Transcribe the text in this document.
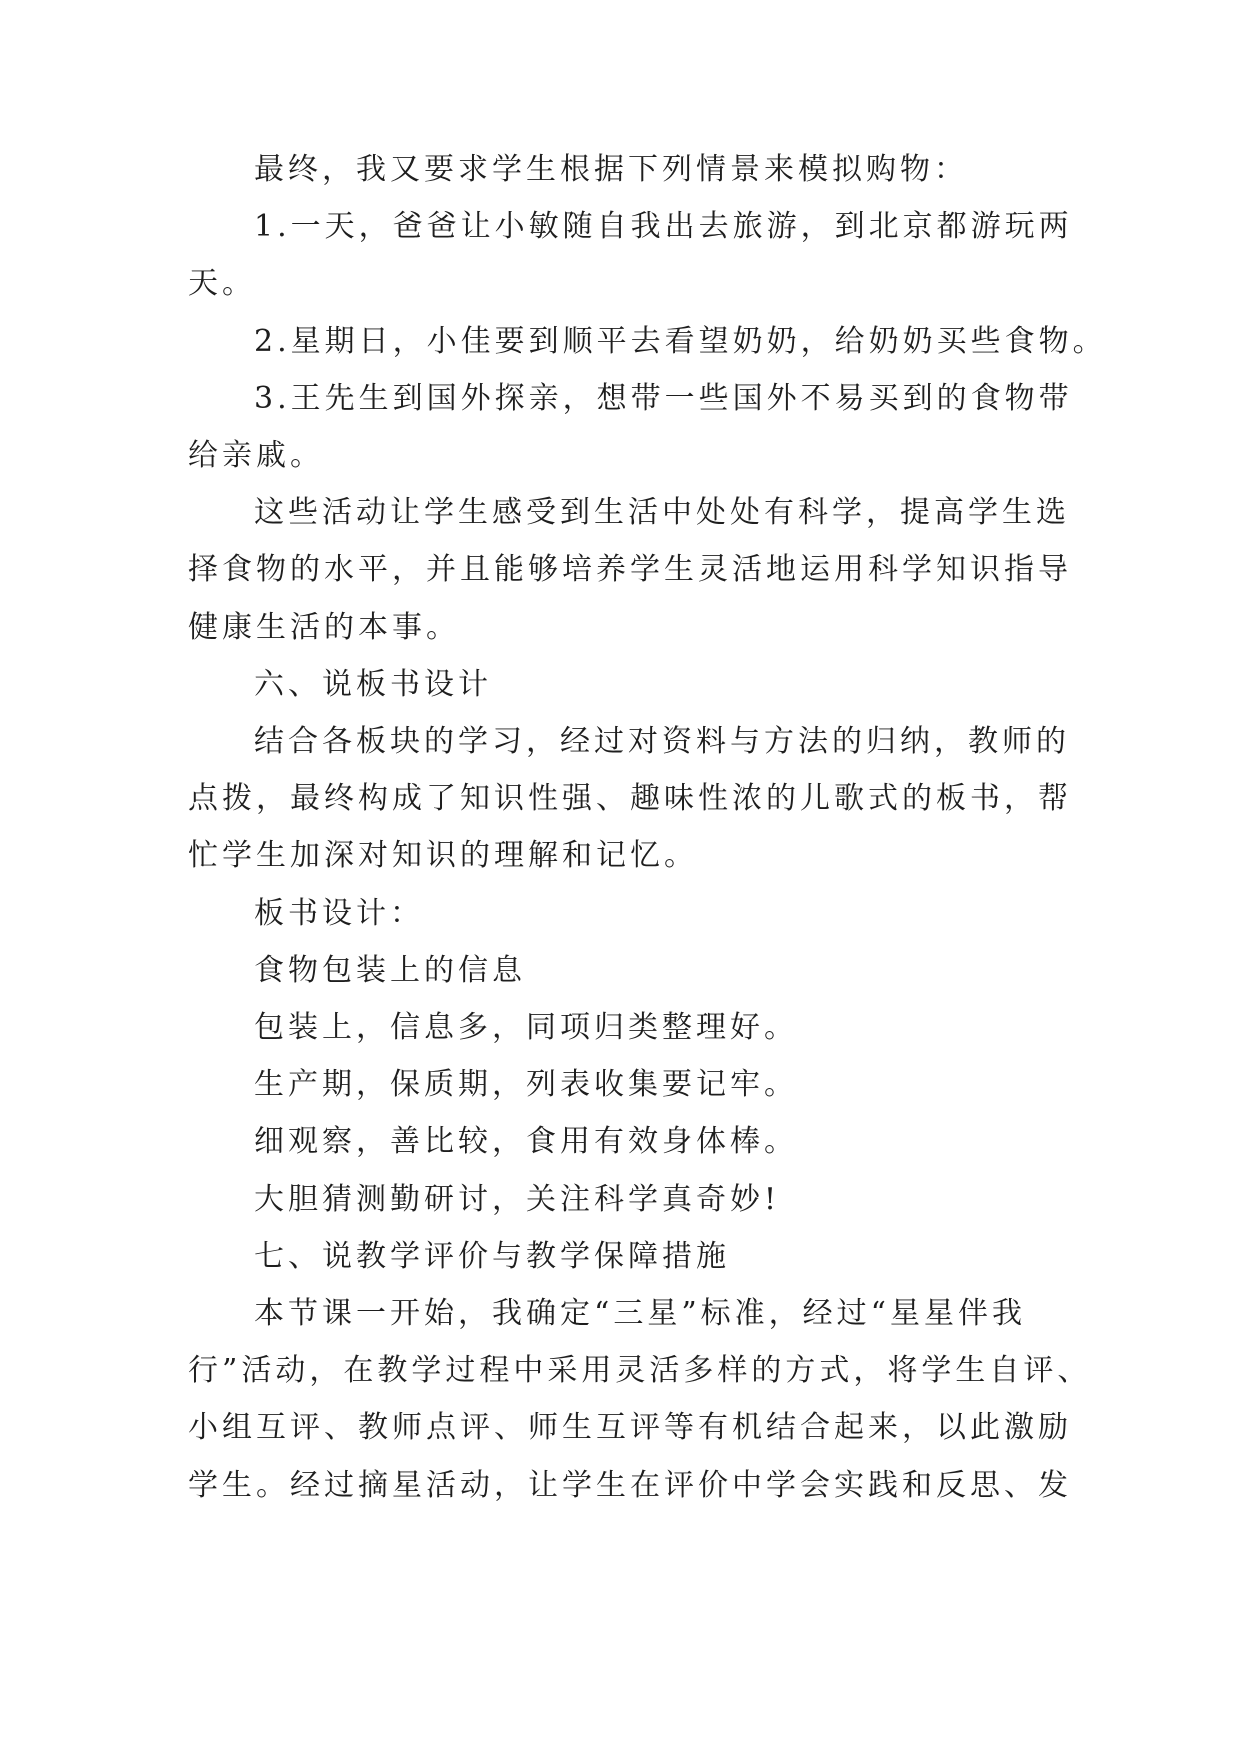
最终，我又要求学生根据下列情景来模拟购物：

1.一天，爸爸让小敏随自我出去旅游，到北京都游玩两

天。

2.星期日，小佳要到顺平去看望奶奶，给奶奶买些食物。

3.王先生到国外探亲，想带一些国外不易买到的食物带

给亲戚。

这些活动让学生感受到生活中处处有科学，提高学生选

择食物的水平，并且能够培养学生灵活地运用科学知识指导

健康生活的本事。

六、说板书设计

结合各板块的学习，经过对资料与方法的归纳，教师的

点拨，最终构成了知识性强、趣味性浓的儿歌式的板书，帮

忙学生加深对知识的理解和记忆。

板书设计：

食物包装上的信息

包装上，信息多，同项归类整理好。

生产期，保质期，列表收集要记牢。

细观察，善比较，食用有效身体棒。

大胆猜测勤研讨，关注科学真奇妙!

七、说教学评价与教学保障措施

本节课一开始，我确定“三星”标准，经过“星星伴我

行”活动，在教学过程中采用灵活多样的方式，将学生自评、

小组互评、教师点评、师生互评等有机结合起来，以此激励

学生。经过摘星活动，让学生在评价中学会实践和反思、发
